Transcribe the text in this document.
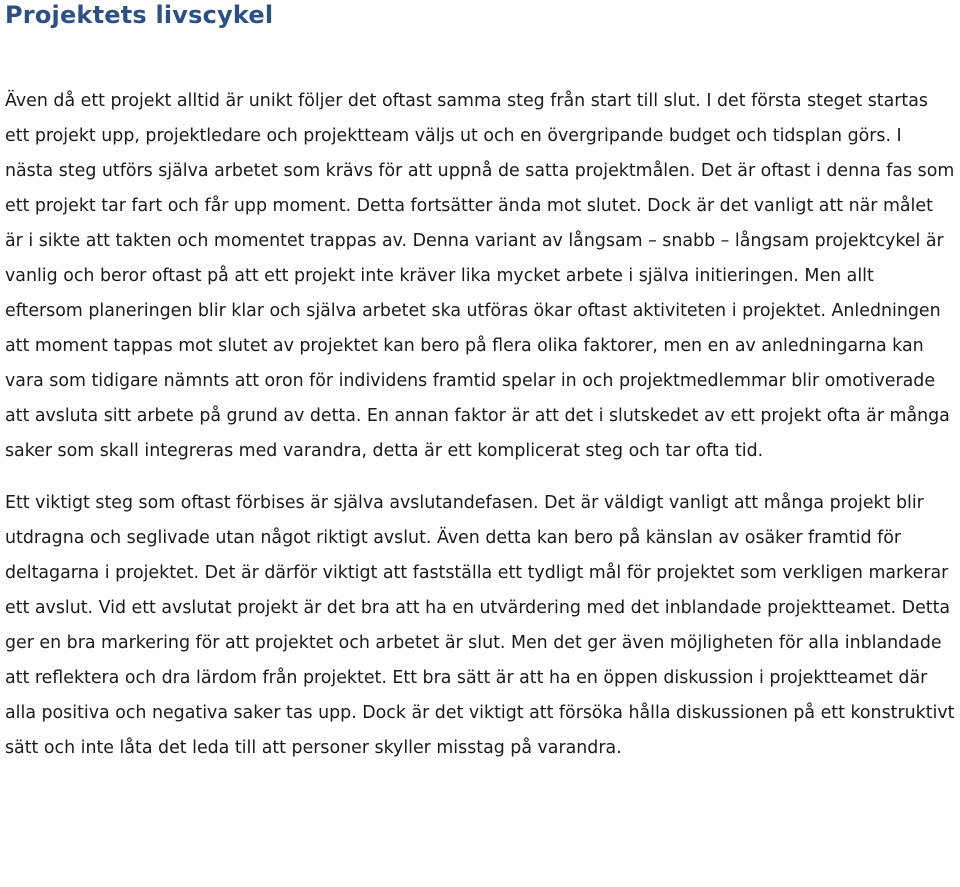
Projektets livscykel

Även då ett projekt alltid är unikt följer det oftast samma steg från start till slut. I det första steget startas ett projekt upp, projektledare och projektteam väljs ut och en övergripande budget och tidsplan görs. I nästa steg utförs själva arbetet som krävs för att uppnå de satta projektmålen. Det är oftast i denna fas som ett projekt tar fart och får upp moment. Detta fortsätter ända mot slutet. Dock är det vanligt att när målet är i sikte att takten och momentet trappas av. Denna variant av långsam – snabb – långsam projektcykel är vanlig och beror oftast på att ett projekt inte kräver lika mycket arbete i själva initieringen. Men allt eftersom planeringen blir klar och själva arbetet ska utföras ökar oftast aktiviteten i projektet. Anledningen att moment tappas mot slutet av projektet kan bero på flera olika faktorer, men en av anledningarna kan vara som tidigare nämnts att oron för individens framtid spelar in och projektmedlemmar blir omotiverade att avsluta sitt arbete på grund av detta. En annan faktor är att det i slutskedet av ett projekt ofta är många saker som skall integreras med varandra, detta är ett komplicerat steg och tar ofta tid.

Ett viktigt steg som oftast förbises är själva avslutandefasen. Det är väldigt vanligt att många projekt blir utdragna och seglivade utan något riktigt avslut. Även detta kan bero på känslan av osäker framtid för deltagarna i projektet. Det är därför viktigt att fastställa ett tydligt mål för projektet som verkligen markerar ett avslut. Vid ett avslutat projekt är det bra att ha en utvärdering med det inblandade projektteamet. Detta ger en bra markering för att projektet och arbetet är slut. Men det ger även möjligheten för alla inblandade att reflektera och dra lärdom från projektet. Ett bra sätt är att ha en öppen diskussion i projektteamet där alla positiva och negativa saker tas upp. Dock är det viktigt att försöka hålla diskussionen på ett konstruktivt sätt och inte låta det leda till att personer skyller misstag på varandra.
